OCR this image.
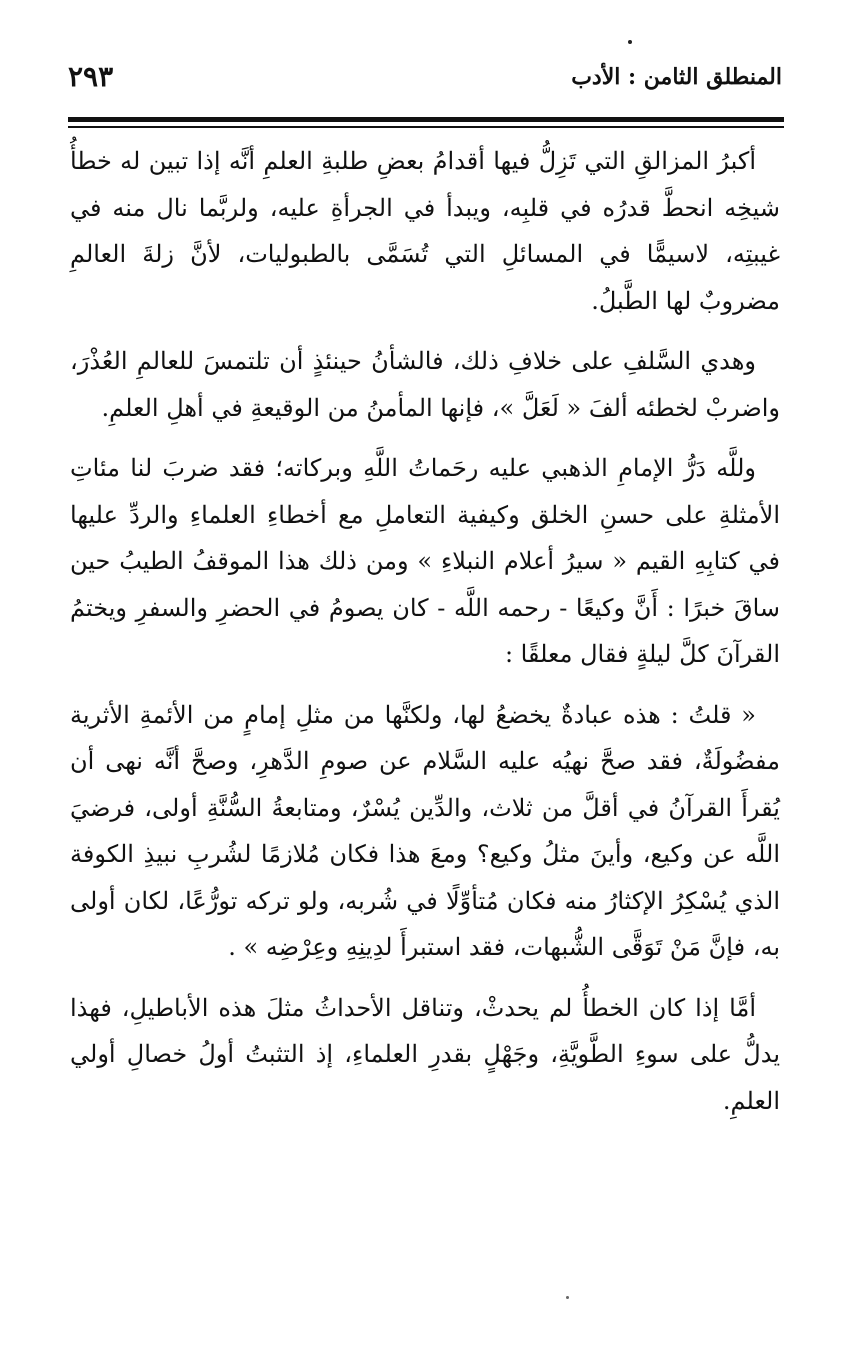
المنطلق الثامن : الأدب
٢٩٣

أكبرُ المزالقِ التي تَزِلُّ فيها أقدامُ بعضِ طلبةِ العلمِ أنَّه إذا تبين له خطأُ شيخِه انحطَّ قدرُه في قلبِه، ويبدأ في الجرأةِ عليه، ولربَّما نال منه في غيبتِه، لاسيمًّا في المسائلِ التي تُسَمَّى بالطبوليات، لأنَّ زلةَ العالمِ مضروبٌ لها الطَّبلُ.

وهدي السَّلفِ على خلافِ ذلك، فالشأنُ حينئذٍ أن تلتمسَ للعالمِ العُذْرَ، واضربْ لخطئه ألفَ « لَعَلَّ »، فإنها المأمنُ من الوقيعةِ في أهلِ العلمِ.

وللَّه دَرُّ الإمامِ الذهبي عليه رحَماتُ اللَّهِ وبركاته؛ فقد ضربَ لنا مئاتِ الأمثلةِ على حسنِ الخلق وكيفية التعاملِ مع أخطاءِ العلماءِ والردِّ عليها في كتابِهِ القيم « سيرُ أعلام النبلاءِ » ومن ذلك هذا الموقفُ الطيبُ حين ساقَ خبرًا : أَنَّ وكيعًا - رحمه اللَّه - كان يصومُ في الحضرِ والسفرِ ويختمُ القرآنَ كلَّ ليلةٍ فقال معلقًا :

« قلتُ : هذه عبادةٌ يخضعُ لها، ولكنَّها من مثلِ إمامٍ من الأئمةِ الأثرية مفضُولَةٌ، فقد صحَّ نهيُه عليه السَّلام عن صومِ الدَّهرِ، وصحَّ أنَّه نهى أن يُقرأَ القرآنُ في أقلَّ من ثلاث، والدِّين يُسْرٌ، ومتابعةُ السُّنَّةِ أولى، فرضيَ اللَّه عن وكيع، وأينَ مثلُ وكيع؟ ومعَ هذا فكان مُلازمًا لشُربِ نبيذِ الكوفة الذي يُسْكِرُ الإكثارُ منه فكان مُتأوِّلًا في شُربه، ولو تركه تورُّعًا، لكان أولى به، فإنَّ مَنْ تَوَقَّى الشُّبهات، فقد استبرأَ لدِينِهِ وعِرْضِه » .

أمَّا إذا كان الخطأُ لم يحدثْ، وتناقل الأحداثُ مثلَ هذه الأباطيلِ، فهذا يدلُّ على سوءِ الطَّويَّةِ، وجَهْلٍ بقدرِ العلماءِ، إذ التثبتُ أولُ خصالِ أولي العلمِ.
